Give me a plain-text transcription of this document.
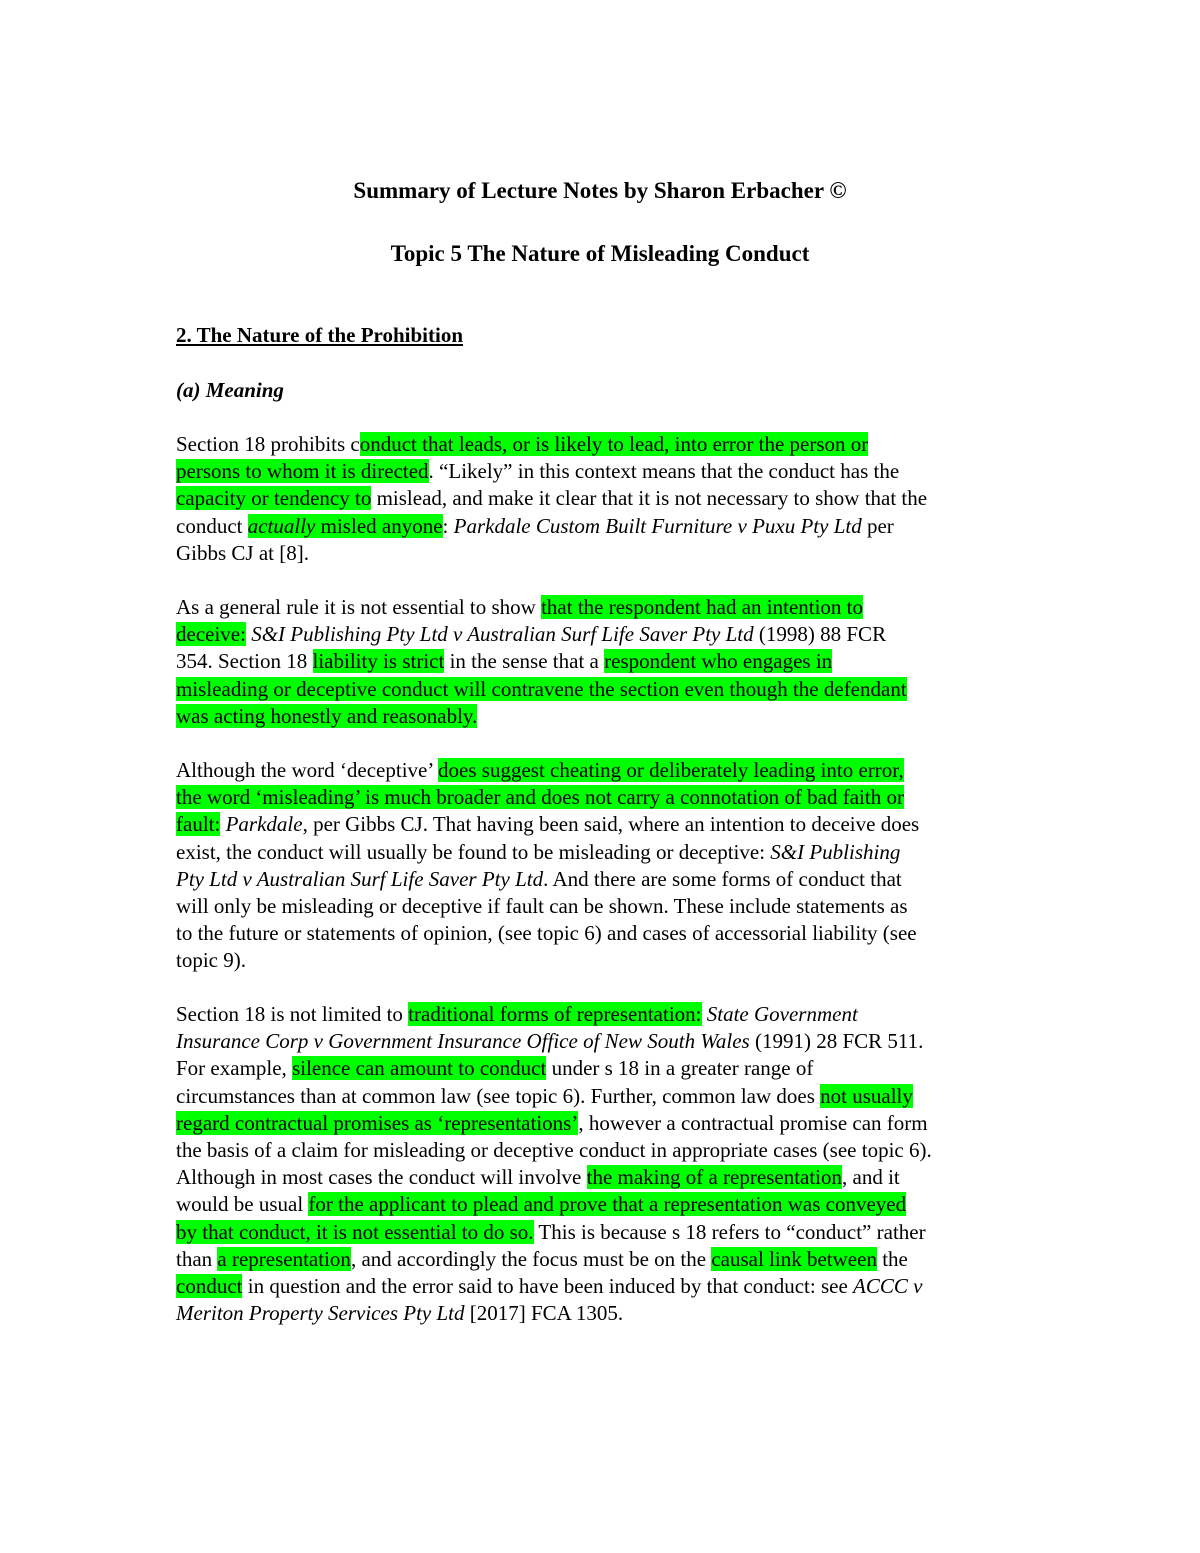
Summary of Lecture Notes by Sharon Erbacher ©
Topic 5 The Nature of Misleading Conduct
2. The Nature of the Prohibition
(a) Meaning

Section 18 prohibits conduct that leads, or is likely to lead, into error the person or
persons to whom it is directed. “Likely” in this context means that the conduct has the
capacity or tendency to mislead, and make it clear that it is not necessary to show that the
conduct actually misled anyone: Parkdale Custom Built Furniture v Puxu Pty Ltd per
Gibbs CJ at [8].

As a general rule it is not essential to show that the respondent had an intention to
deceive: S&I Publishing Pty Ltd v Australian Surf Life Saver Pty Ltd (1998) 88 FCR
354. Section 18 liability is strict in the sense that a respondent who engages in
misleading or deceptive conduct will contravene the section even though the defendant
was acting honestly and reasonably.

Although the word ‘deceptive’ does suggest cheating or deliberately leading into error,
the word ‘misleading’ is much broader and does not carry a connotation of bad faith or
fault: Parkdale, per Gibbs CJ. That having been said, where an intention to deceive does
exist, the conduct will usually be found to be misleading or deceptive: S&I Publishing
Pty Ltd v Australian Surf Life Saver Pty Ltd. And there are some forms of conduct that
will only be misleading or deceptive if fault can be shown. These include statements as
to the future or statements of opinion, (see topic 6) and cases of accessorial liability (see
topic 9).

Section 18 is not limited to traditional forms of representation: State Government
Insurance Corp v Government Insurance Office of New South Wales (1991) 28 FCR 511.
For example, silence can amount to conduct under s 18 in a greater range of
circumstances than at common law (see topic 6). Further, common law does not usually
regard contractual promises as ‘representations’, however a contractual promise can form
the basis of a claim for misleading or deceptive conduct in appropriate cases (see topic 6).
Although in most cases the conduct will involve the making of a representation, and it
would be usual for the applicant to plead and prove that a representation was conveyed
by that conduct, it is not essential to do so. This is because s 18 refers to “conduct” rather
than a representation, and accordingly the focus must be on the causal link between the
conduct in question and the error said to have been induced by that conduct: see ACCC v
Meriton Property Services Pty Ltd [2017] FCA 1305.
